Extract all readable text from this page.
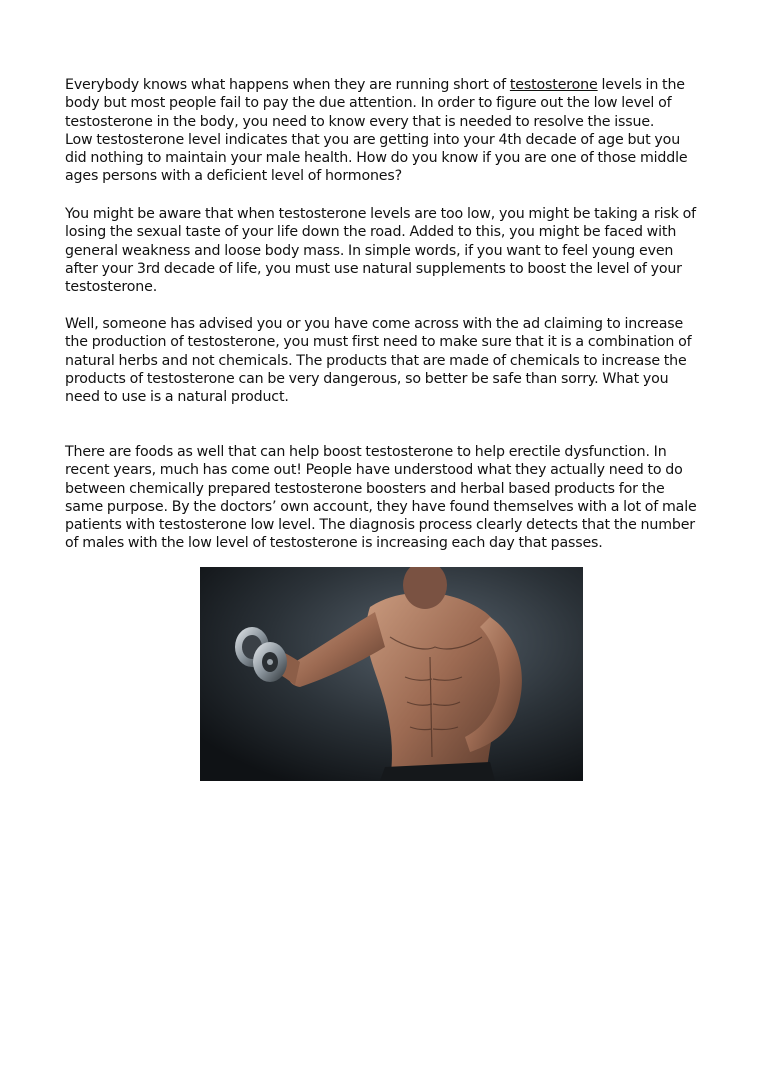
Everybody knows what happens when they are running short of testosterone levels in the body but most people fail to pay the due attention. In order to figure out the low level of testosterone in the body, you need to know every that is needed to resolve the issue.

Low testosterone level indicates that you are getting into your 4th decade of age but you did nothing to maintain your male health. How do you know if you are one of those middle ages persons with a deficient level of hormones?

You might be aware that when testosterone levels are too low, you might be taking a risk of losing the sexual taste of your life down the road. Added to this, you might be faced with general weakness and loose body mass. In simple words, if you want to feel young even after your 3rd decade of life, you must use natural supplements to boost the level of your testosterone.

Well, someone has advised you or you have come across with the ad claiming to increase the production of testosterone, you must first need to make sure that it is a combination of natural herbs and not chemicals. The products that are made of chemicals to increase the products of testosterone can be very dangerous, so better be safe than sorry. What you need to use is a natural product.

There are foods as well that can help boost testosterone to help erectile dysfunction. In recent years, much has come out! People have understood what they actually need to do between chemically prepared testosterone boosters and herbal based products for the same purpose. By the doctors’ own account, they have found themselves with a lot of male patients with testosterone low level. The diagnosis process clearly detects that the number of males with the low level of testosterone is increasing each day that passes.
